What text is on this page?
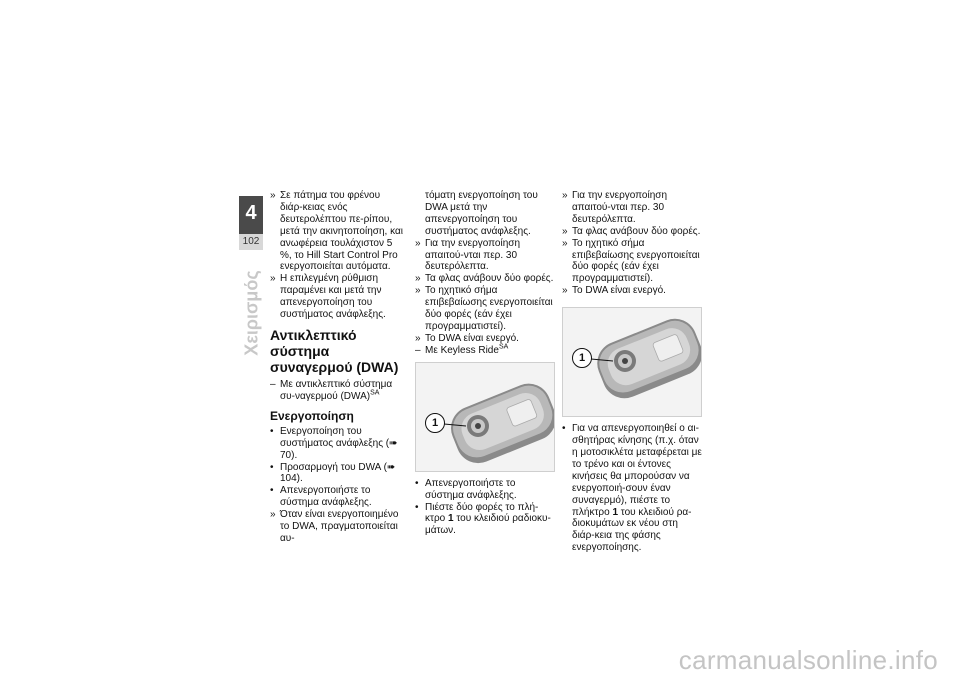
4
102
Χειρισμός
» Σε πάτημα του φρένου διάρ-κειας ενός δευτερολέπτου πε-ρίπου, μετά την ακινητοποίηση, και ανωφέρεια τουλάχιστον 5 %, το Hill Start Control Pro ενεργοποιείται αυτόματα.
» Η επιλεγμένη ρύθμιση παραμένει και μετά την απενεργοποίηση του συστήματος ανάφλεξης.
Αντικλεπτικό σύστημα συναγερμού (DWA)
– Με αντικλεπτικό σύστημα συ-ναγερμού (DWA)$^{SA}$
Ενεργοποίηση
• Ενεργοποίηση του συστήματος ανάφλεξης (➠ 70).
• Προσαρμογή του DWA (➠ 104).
• Απενεργοποιήστε το σύστημα ανάφλεξης.
» Όταν είναι ενεργοποιημένο το DWA, πραγματοποιείται αυ-
τόματη ενεργοποίηση του DWA μετά την απενεργοποίηση του συστήματος ανάφλεξης.
» Για την ενεργοποίηση απαιτού-νται περ. 30 δευτερόλεπτα.
» Τα φλας ανάβουν δύο φορές.
» Το ηχητικό σήμα επιβεβαίωσης ενεργοποιείται δύο φορές (εάν έχει προγραμματιστεί).
» Το DWA είναι ενεργό.
– Με Keyless Ride$^{SA}$
1
• Απενεργοποιήστε το σύστημα ανάφλεξης.
• Πιέστε δύο φορές το πλή-κτρο 1 του κλειδιού ραδιοκυ-μάτων.
» Για την ενεργοποίηση απαιτού-νται περ. 30 δευτερόλεπτα.
» Τα φλας ανάβουν δύο φορές.
» Το ηχητικό σήμα επιβεβαίωσης ενεργοποιείται δύο φορές (εάν έχει προγραμματιστεί).
» Το DWA είναι ενεργό.
1
• Για να απενεργοποιηθεί ο αι-σθητήρας κίνησης (π.χ. όταν η μοτοσικλέτα μεταφέρεται με το τρένο και οι έντονες κινήσεις θα μπορούσαν να ενεργοποιή-σουν έναν συναγερμό), πιέστε το πλήκτρο 1 του κλειδιού ρα-διοκυμάτων εκ νέου στη διάρ-κεια της φάσης ενεργοποίησης.
carmanualsonline.info
